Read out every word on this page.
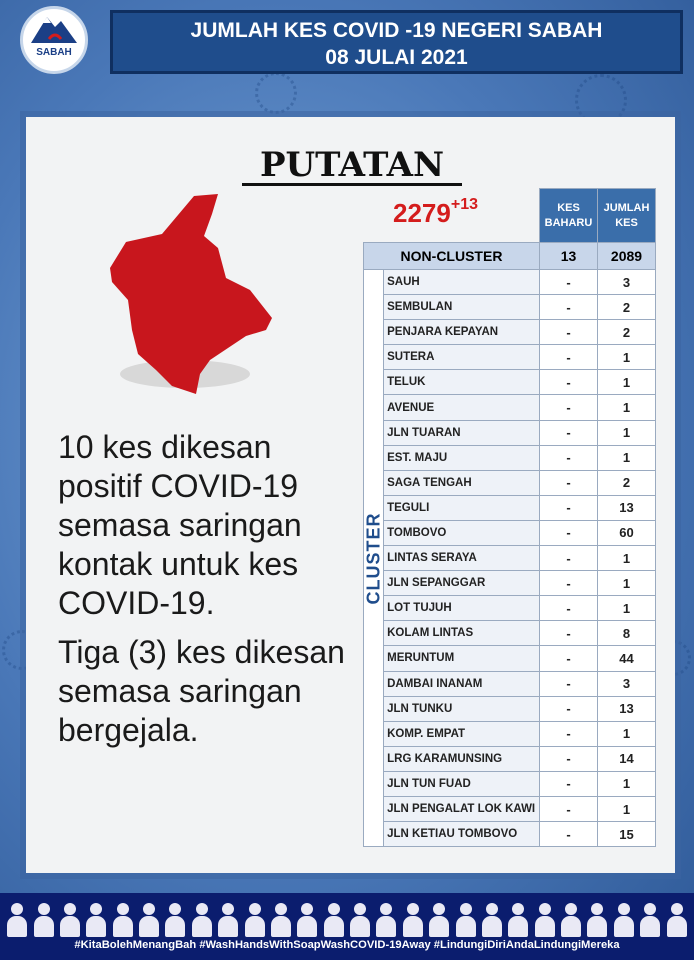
SABAH
JUMLAH KES COVID -19 NEGERI SABAH
08 JULAI 2021
PUTATAN
$2279^{+13}$

10 kes dikesan positif COVID-19 semasa saringan kontak untuk kes COVID-19.

Tiga (3) kes dikesan semasa saringan bergejala.

		KES BAHARU	JUMLAH KES
NON-CLUSTER		13	2089

CLUSTER	SAUH	-	3
	SEMBULAN	-	2
	PENJARA KEPAYAN	-	2
	SUTERA	-	1
	TELUK	-	1
	AVENUE	-	1
	JLN TUARAN	-	1
	EST. MAJU	-	1
	SAGA TENGAH	-	2
	TEGULI	-	13
	TOMBOVO	-	60
	LINTAS SERAYA	-	1
	JLN SEPANGGAR	-	1
	LOT TUJUH	-	1
	KOLAM LINTAS	-	8
	MERUNTUM	-	44
	DAMBAI INANAM	-	3
	JLN TUNKU	-	13
	KOMP. EMPAT	-	1
	LRG KARAMUNSING	-	14
	JLN TUN FUAD	-	1
	JLN PENGALAT LOK KAWI	-	1
	JLN KETIAU TOMBOVO	-	15
#KitaBolehMenangBah #WashHandsWithSoapWashCOVID-19Away #LindungiDiriAndaLindungiMereka
